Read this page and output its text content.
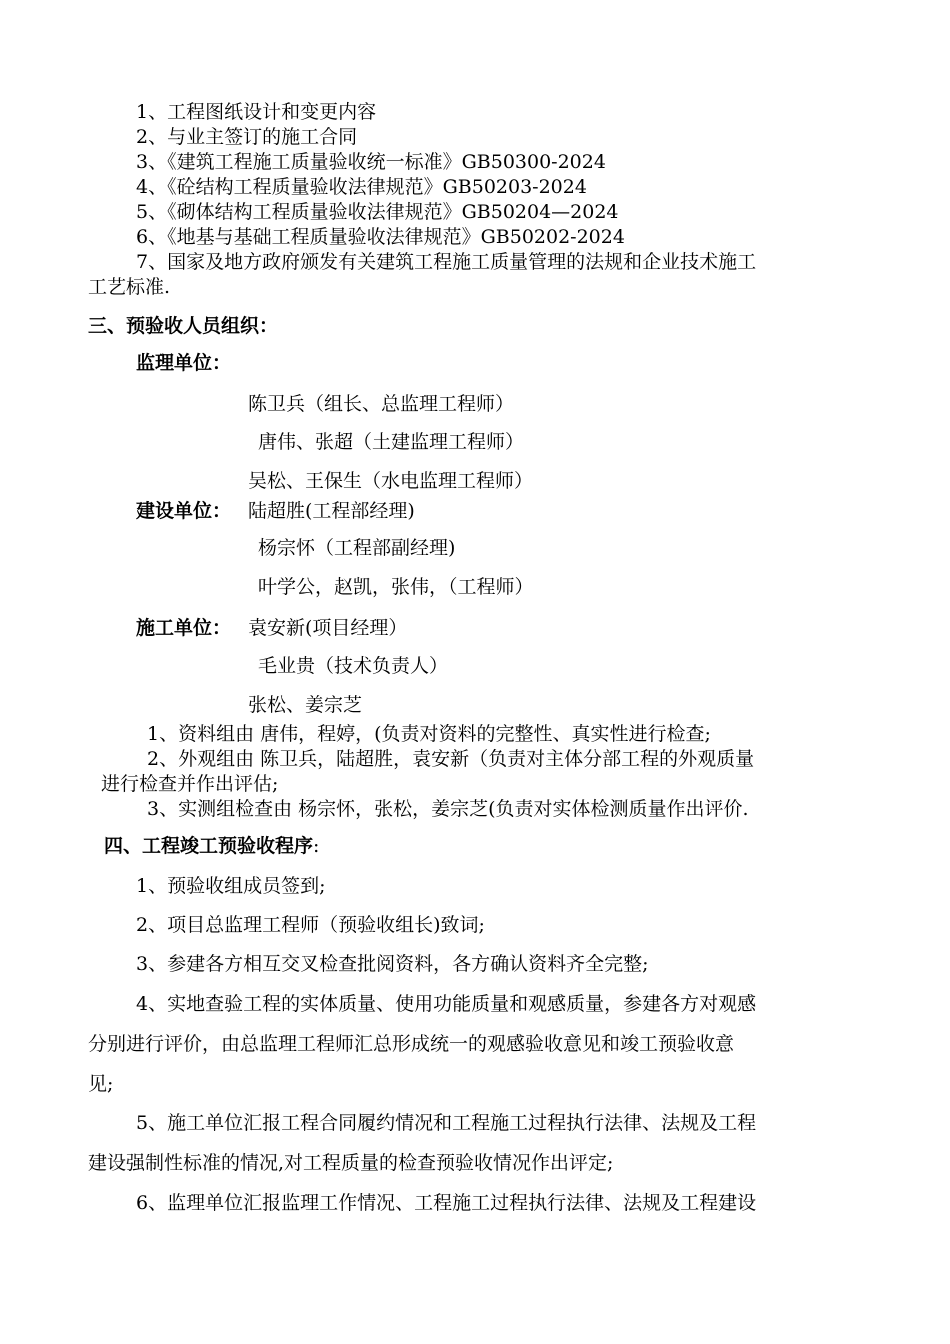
1、工程图纸设计和变更内容
2、与业主签订的施工合同
3、《建筑工程施工质量验收统一标准》GB50300-2024
4、《砼结构工程质量验收法律规范》GB50203-2024
5、《砌体结构工程质量验收法律规范》GB50204—2024
6、《地基与基础工程质量验收法律规范》GB50202-2024
7、国家及地方政府颁发有关建筑工程施工质量管理的法规和企业技术施工
工艺标准.
三、预验收人员组织：
监理单位：
陈卫兵（组长、总监理工程师）
唐伟、张超（土建监理工程师）
吴松、王保生（水电监理工程师）
建设单位： 陆超胜(工程部经理)
杨宗怀（工程部副经理)
叶学公，赵凯，张伟，（工程师）
施工单位： 袁安新(项目经理）
毛业贵（技术负责人）
张松、姜宗芝
1、资料组由 唐伟，程婷，(负责对资料的完整性、真实性进行检查;
2、外观组由 陈卫兵，陆超胜，袁安新（负责对主体分部工程的外观质量
进行检查并作出评估;
3、实测组检查由 杨宗怀，张松，姜宗芝(负责对实体检测质量作出评价.
四、工程竣工预验收程序:
1、预验收组成员签到;
2、项目总监理工程师（预验收组长)致词;
3、参建各方相互交叉检查批阅资料，各方确认资料齐全完整;
4、实地查验工程的实体质量、使用功能质量和观感质量，参建各方对观感
分别进行评价，由总监理工程师汇总形成统一的观感验收意见和竣工预验收意
见;
5、施工单位汇报工程合同履约情况和工程施工过程执行法律、法规及工程
建设强制性标准的情况,对工程质量的检查预验收情况作出评定;
6、监理单位汇报监理工作情况、工程施工过程执行法律、法规及工程建设
